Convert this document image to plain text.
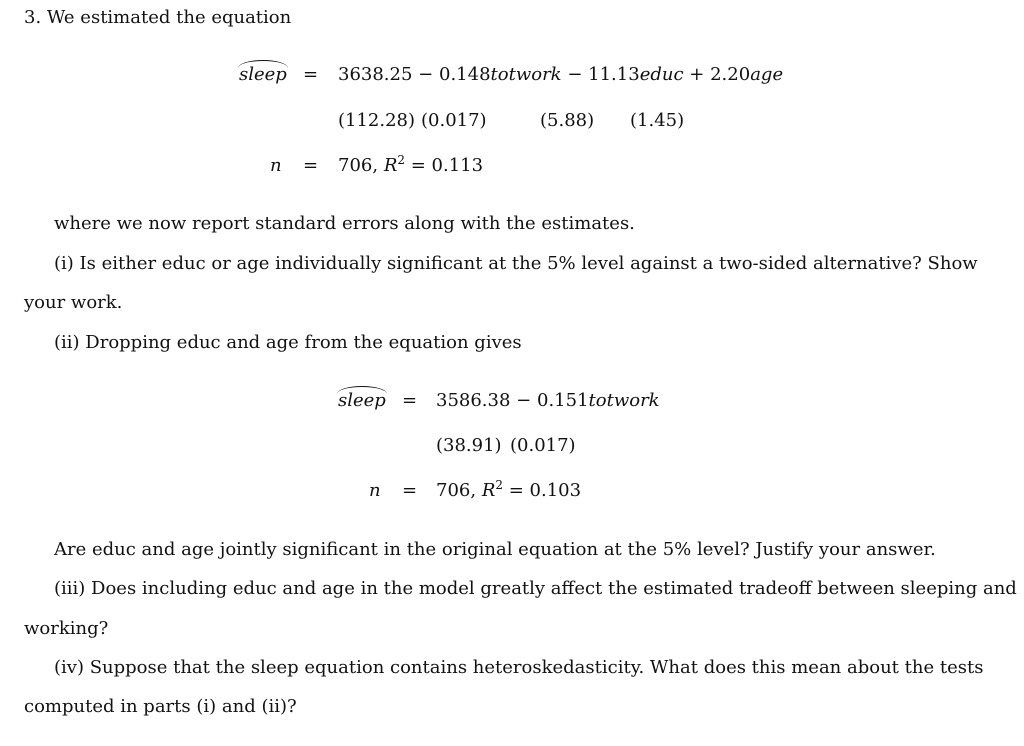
3. We estimated the equation
sleep = 3638.25 − 0.148totwork − 11.13educ + 2.20age
(112.28) (0.017)	(5.88) (1.45)
n = 706, $R^2 = 0.113$
where we now report standard errors along with the estimates.
(i) Is either educ or age individually significant at the 5% level against a two-sided alternative? Show
your work.
(ii) Dropping educ and age from the equation gives
sleep = 3586.38 − 0.151totwork
(38.91) (0.017)
n = 706, $R^2 = 0.103$
Are educ and age jointly significant in the original equation at the 5% level? Justify your answer.
(iii) Does including educ and age in the model greatly affect the estimated tradeoff between sleeping and
working?
(iv) Suppose that the sleep equation contains heteroskedasticity. What does this mean about the tests
computed in parts (i) and (ii)?
